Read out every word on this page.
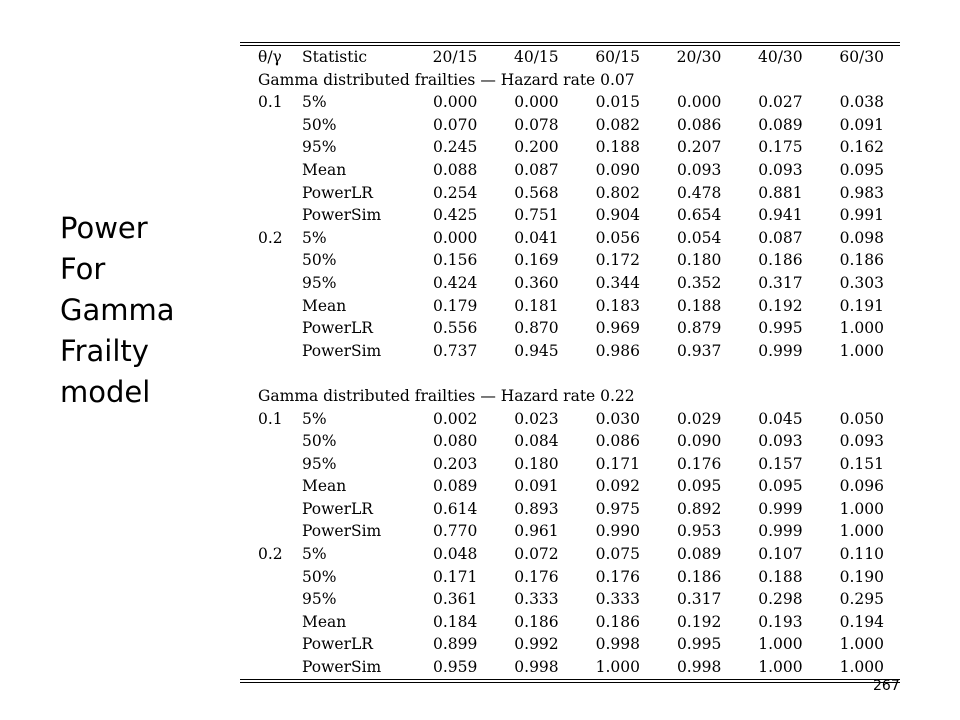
Power
For
Gamma
Frailty
model
θ/γ	Statistic	20/15	40/15	60/15	20/30	40/30	60/30
Gamma distributed frailties — Hazard rate 0.07							
0.1	5%	0.000	0.000	0.015	0.000	0.027	0.038
	50%	0.070	0.078	0.082	0.086	0.089	0.091
	95%	0.245	0.200	0.188	0.207	0.175	0.162
	Mean	0.088	0.087	0.090	0.093	0.093	0.095
	PowerLR	0.254	0.568	0.802	0.478	0.881	0.983
	PowerSim	0.425	0.751	0.904	0.654	0.941	0.991
0.2	5%	0.000	0.041	0.056	0.054	0.087	0.098
	50%	0.156	0.169	0.172	0.180	0.186	0.186
	95%	0.424	0.360	0.344	0.352	0.317	0.303
	Mean	0.179	0.181	0.183	0.188	0.192	0.191
	PowerLR	0.556	0.870	0.969	0.879	0.995	1.000
	PowerSim	0.737	0.945	0.986	0.937	0.999	1.000

Gamma distributed frailties — Hazard rate 0.22							
0.1	5%	0.002	0.023	0.030	0.029	0.045	0.050
	50%	0.080	0.084	0.086	0.090	0.093	0.093
	95%	0.203	0.180	0.171	0.176	0.157	0.151
	Mean	0.089	0.091	0.092	0.095	0.095	0.096
	PowerLR	0.614	0.893	0.975	0.892	0.999	1.000
	PowerSim	0.770	0.961	0.990	0.953	0.999	1.000
0.2	5%	0.048	0.072	0.075	0.089	0.107	0.110
	50%	0.171	0.176	0.176	0.186	0.188	0.190
	95%	0.361	0.333	0.333	0.317	0.298	0.295
	Mean	0.184	0.186	0.186	0.192	0.193	0.194
	PowerLR	0.899	0.992	0.998	0.995	1.000	1.000
	PowerSim	0.959	0.998	1.000	0.998	1.000	1.000
267
